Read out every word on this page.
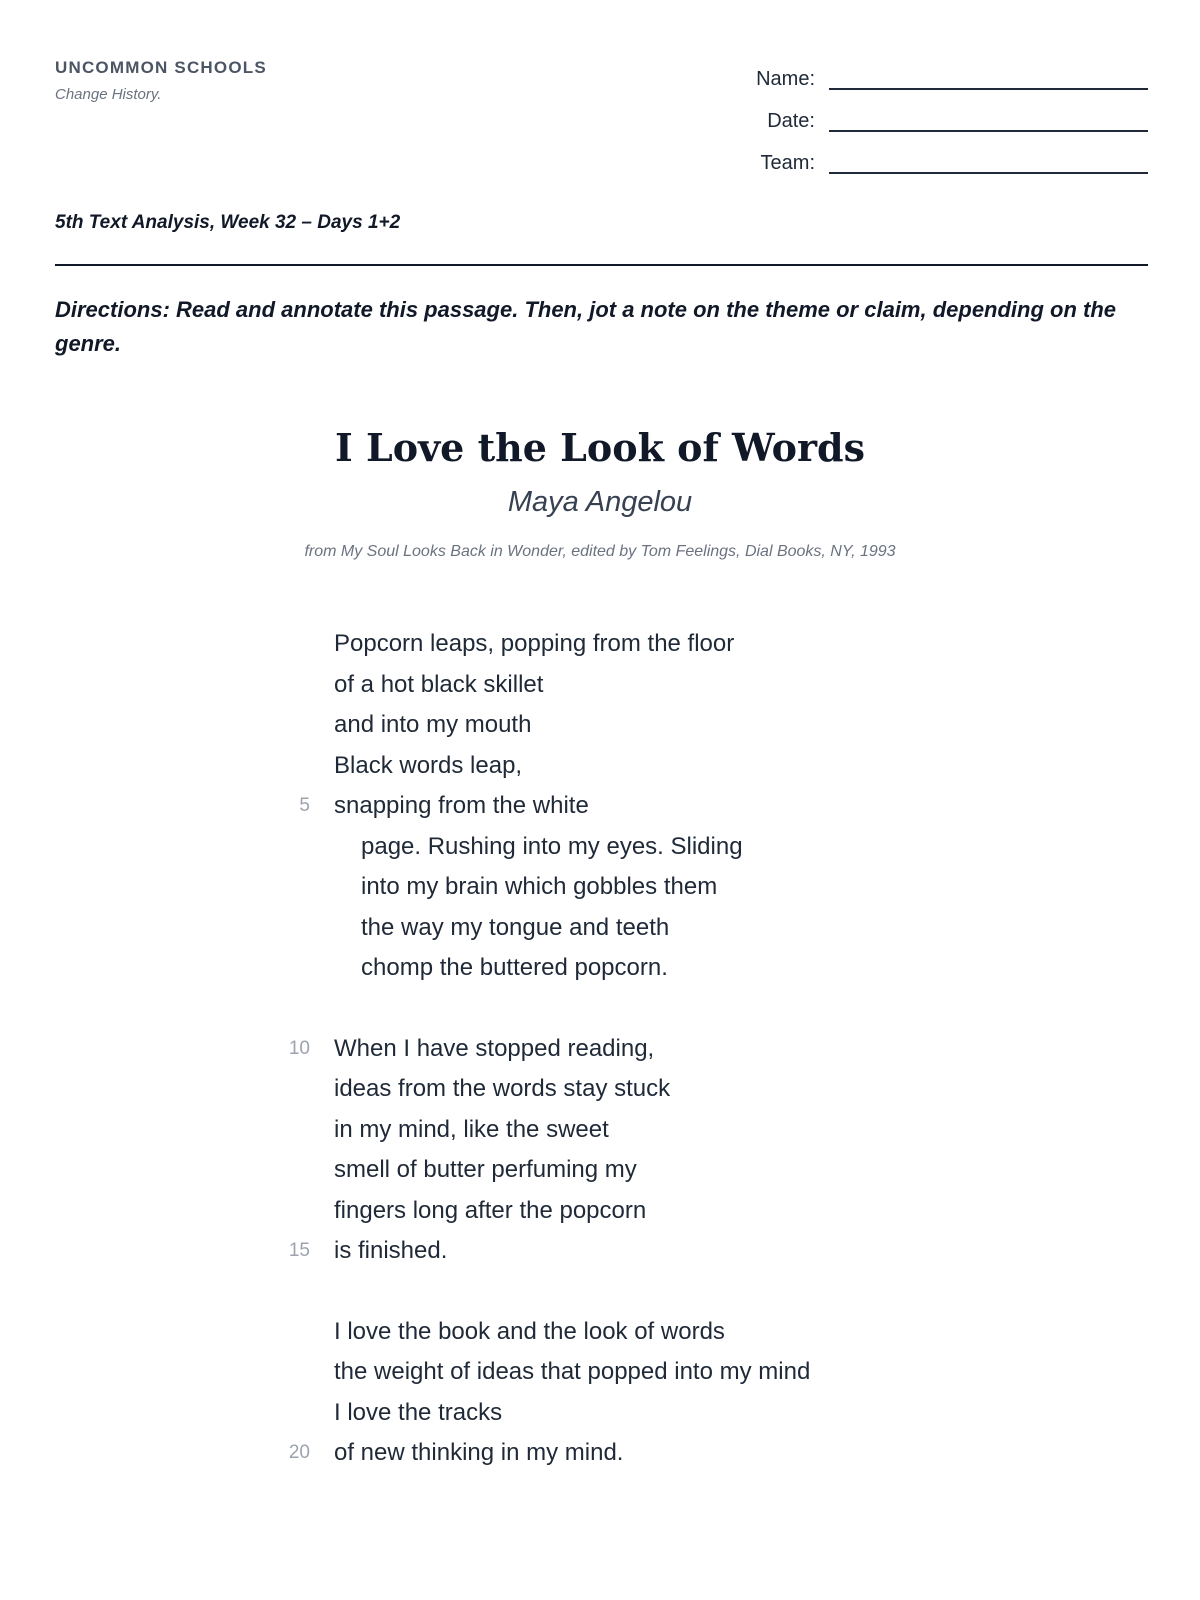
UNCOMMON SCHOOLS
Change History.
Name:
Date:
Team:
5th Text Analysis, Week 32 – Days 1+2
Directions: Read and annotate this passage. Then, jot a note on the theme or claim, depending on the genre.
I Love the Look of Words
Maya Angelou
from My Soul Looks Back in Wonder, edited by Tom Feelings, Dial Books, NY, 1993
Popcorn leaps, popping from the floor
of a hot black skillet
and into my mouth
Black words leap,
5 snapping from the white
page. Rushing into my eyes. Sliding
into my brain which gobbles them
the way my tongue and teeth
chomp the buttered popcorn.
10 When I have stopped reading,
ideas from the words stay stuck
in my mind, like the sweet
smell of butter perfuming my
fingers long after the popcorn
15 is finished.
I love the book and the look of words
the weight of ideas that popped into my mind
I love the tracks
20 of new thinking in my mind.
